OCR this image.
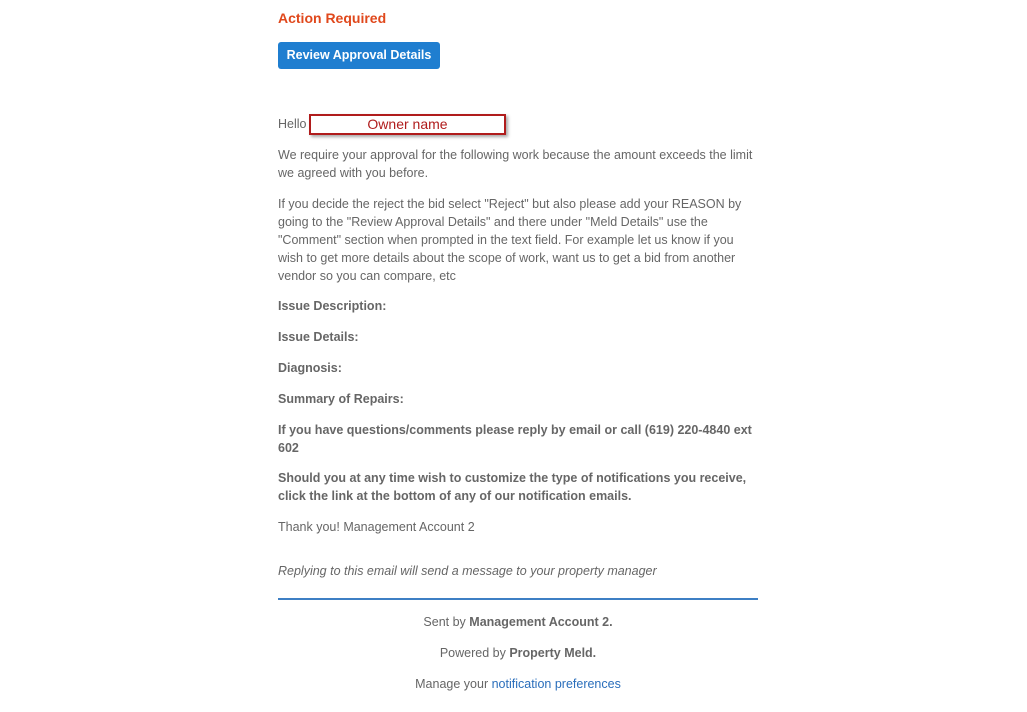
Action Required
Review Approval Details
Hello	Owner name

We require your approval for the following work because the amount exceeds the limit we agreed with you before.

If you decide the reject the bid select "Reject" but also please add your REASON by going to the "Review Approval Details" and there under "Meld Details" use the "Comment" section when prompted in the text field. For example let us know if you wish to get more details about the scope of work, want us to get a bid from another vendor so you can compare, etc

Issue Description:

Issue Details:

Diagnosis:

Summary of Repairs:

If you have questions/comments please reply by email or call (619) 220-4840 ext 602

Should you at any time wish to customize the type of notifications you receive, click the link at the bottom of any of our notification emails.

Thank you! Management Account 2

Replying to this email will send a message to your property manager

Sent by Management Account 2.
Powered by Property Meld.
Manage your notification preferences
